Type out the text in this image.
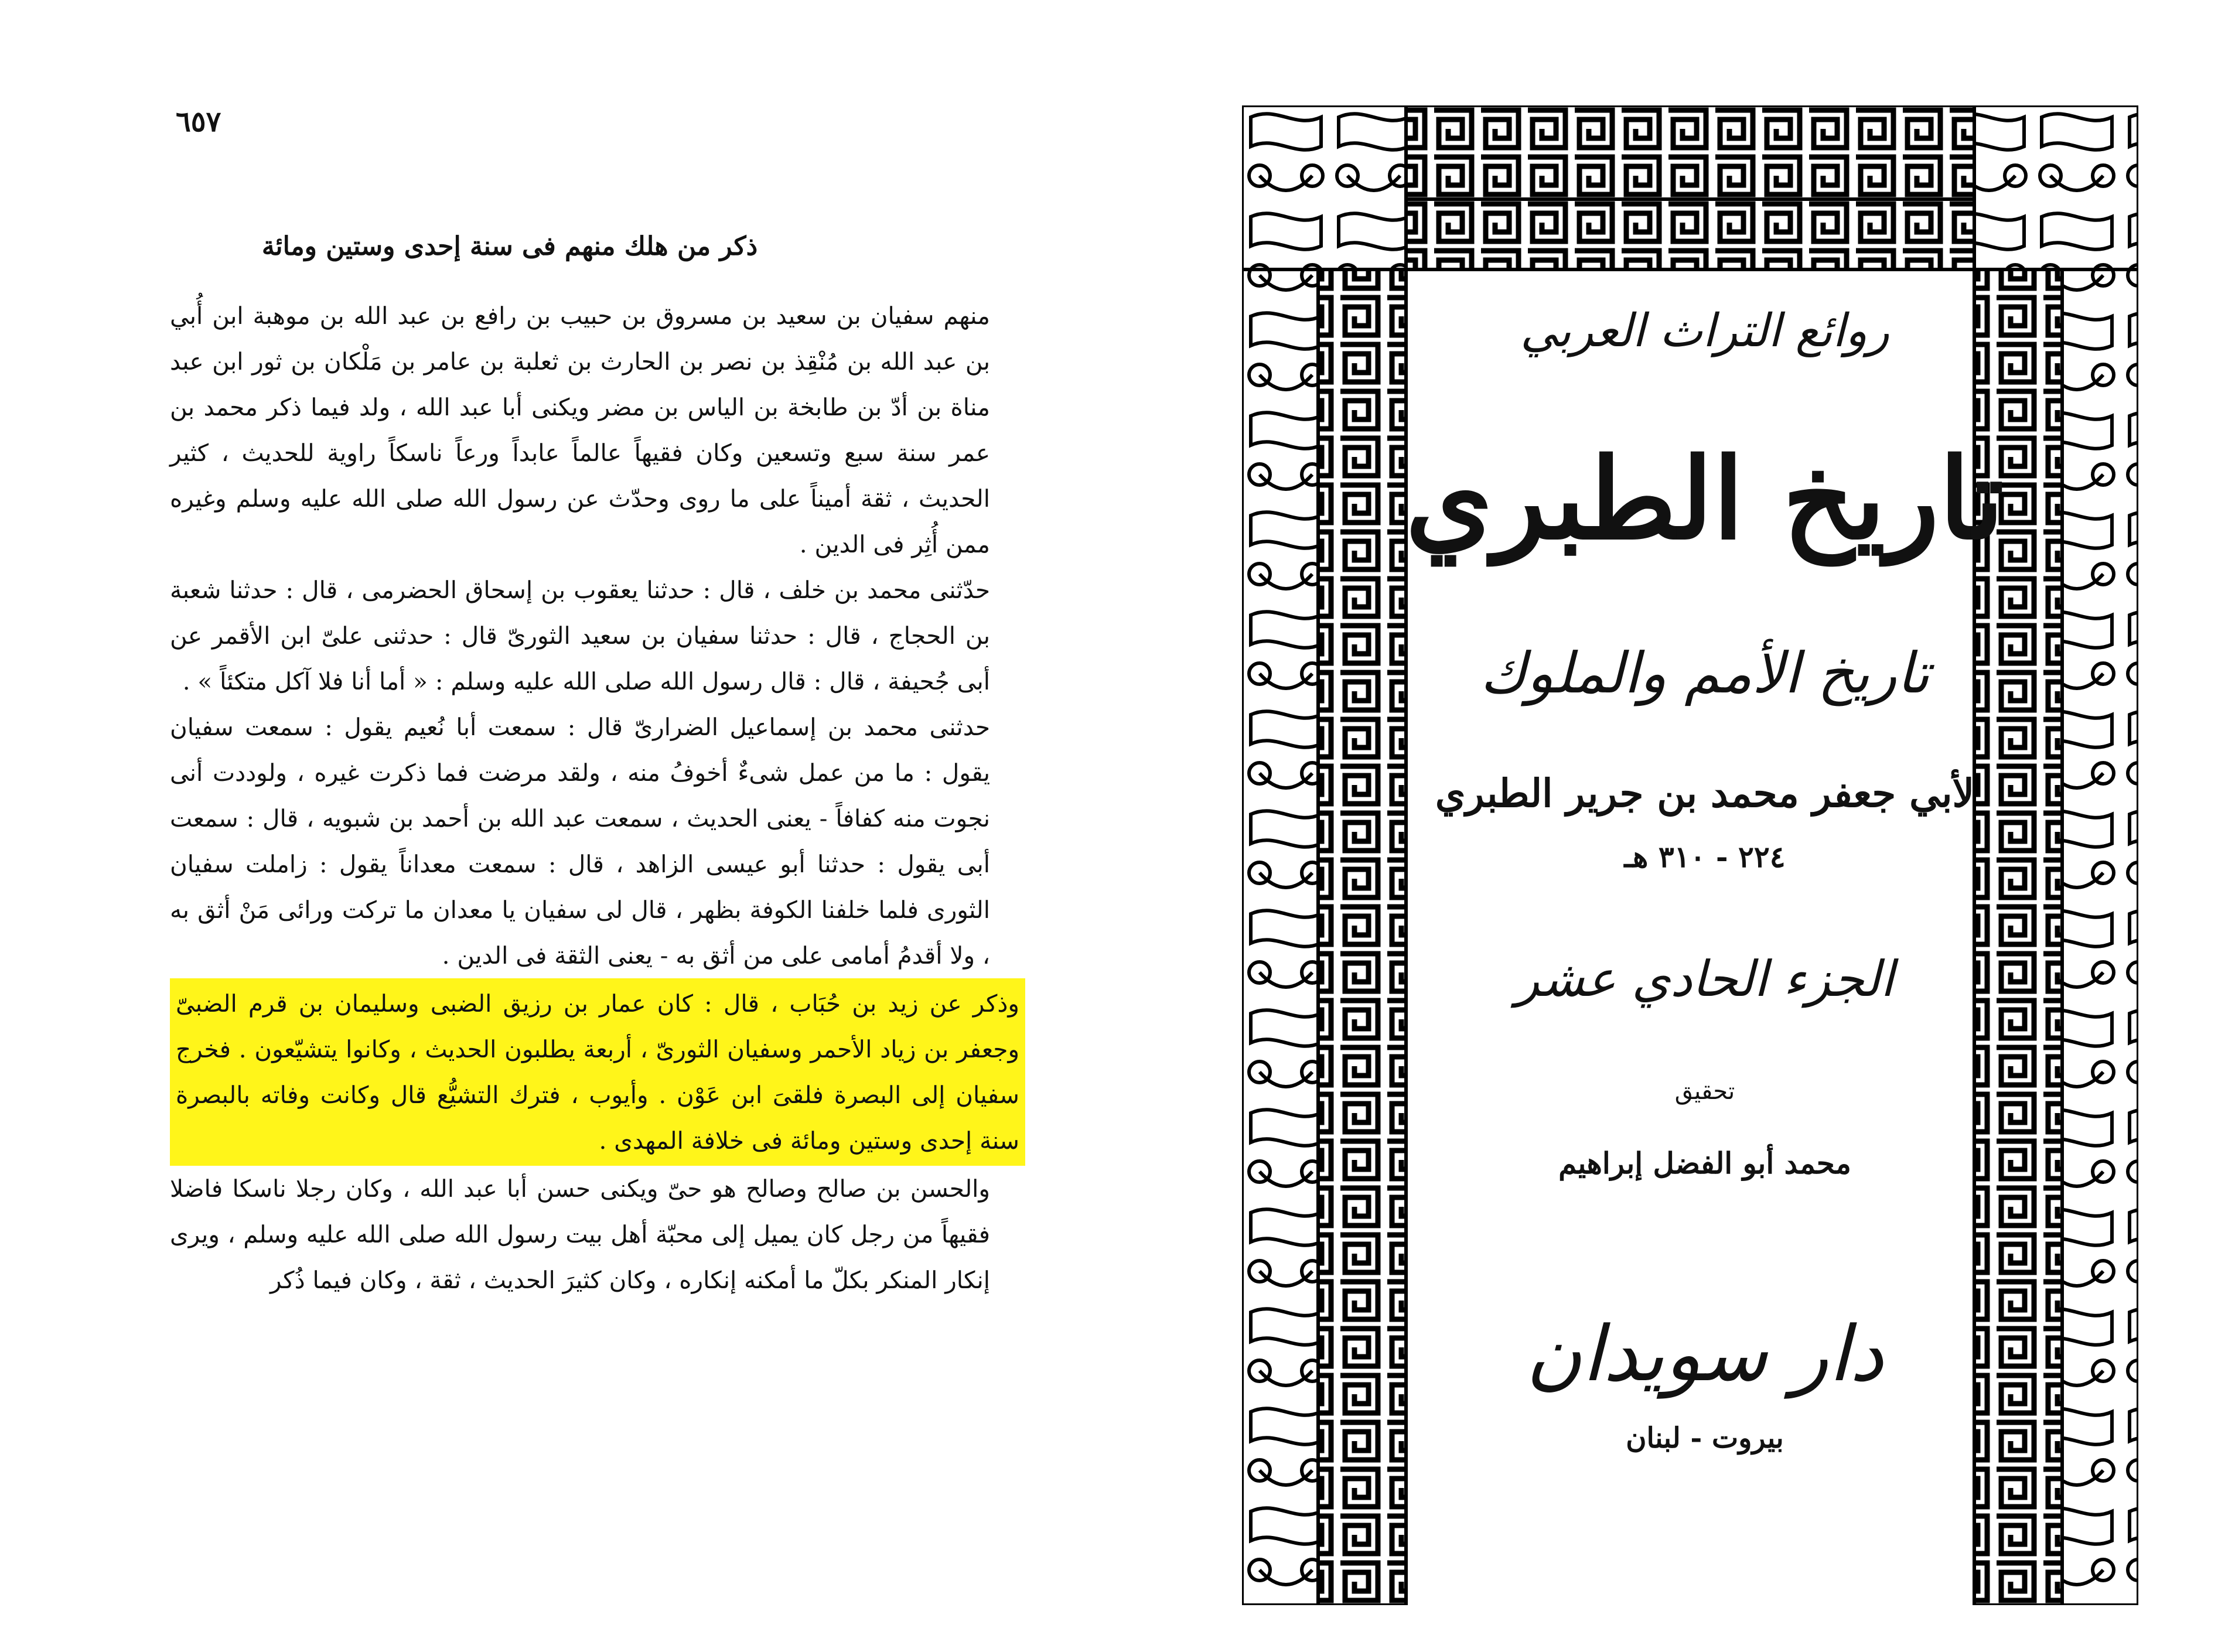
٦٥٧
ذكر من هلك منهم فى سنة إحدى وستين ومائة

منهم سفيان بن سعيد بن مسروق بن حبيب بن رافع بن عبد الله بن موهبة ابن أُبي بن عبد الله بن مُنْقِذ بن نصر بن الحارث بن ثعلبة بن عامر بن مَلْكان بن ثور ابن عبد مناة بن أدّ بن طابخة بن الياس بن مضر ويكنى أبا عبد الله ، ولد فيما ذكر محمد بن عمر سنة سبع وتسعين وكان فقيهاً عالماً عابداً ورعاً ناسكاً راوية للحديث ، كثير الحديث ، ثقة أميناً على ما روى وحدّث عن رسول الله صلى الله عليه وسلم وغيره ممن أُثِر فى الدين .

حدّثنى محمد بن خلف ، قال : حدثنا يعقوب بن إسحاق الحضرمى ، قال : حدثنا شعبة بن الحجاج ، قال : حدثنا سفيان بن سعيد الثورىّ قال : حدثنى علىّ ابن الأقمر عن أبى جُحيفة ، قال : قال رسول الله صلى الله عليه وسلم : « أما أنا فلا آكل متكئاً » .

حدثنى محمد بن إسماعيل الضرارىّ قال : سمعت أبا نُعيم يقول : سمعت سفيان يقول : ما من عمل شىءٌ أخوفُ منه ، ولقد مرضت فما ذكرت غيره ، ولوددت أنى نجوت منه كفافاً - يعنى الحديث ، سمعت عبد الله بن أحمد بن شبويه ، قال : سمعت أبى يقول : حدثنا أبو عيسى الزاهد ، قال : سمعت معداناً يقول : زاملت سفيان الثورى فلما خلفنا الكوفة بظهر ، قال لى سفيان يا معدان ما تركت ورائى مَنْ أثق به ، ولا أقدمُ أمامى على من أثق به - يعنى الثقة فى الدين .

وذكر عن زيد بن حُبَاب ، قال : كان عمار بن رزيق الضبى وسليمان بن قرم الضبىّ وجعفر بن زياد الأحمر وسفيان الثورىّ ، أربعة يطلبون الحديث ، وكانوا يتشيّعون . فخرج سفيان إلى البصرة فلقىَ ابن عَوْن . وأيوب ، فترك التشيُّع قال وكانت وفاته بالبصرة سنة إحدى وستين ومائة فى خلافة المهدى .

والحسن بن صالح وصالح هو حىّ ويكنى حسن أبا عبد الله ، وكان رجلا ناسكا فاضلا فقيهاً من رجل كان يميل إلى محبّة أهل بيت رسول الله صلى الله عليه وسلم ، ويرى إنكار المنكر بكلّ ما أمكنه إنكاره ، وكان كثيرَ الحديث ، ثقة ، وكان فيما ذُكر

روائع التراث العربي
تاريخ الطبري
تاريخ الأمم والملوك
لأبي جعفر محمد بن جرير الطبري
٢٢٤ - ٣١٠ هـ
الجزء الحادي عشر
تحقيق
محمد أبو الفضل إبراهيم
دار سويدان
بيروت - لبنان
